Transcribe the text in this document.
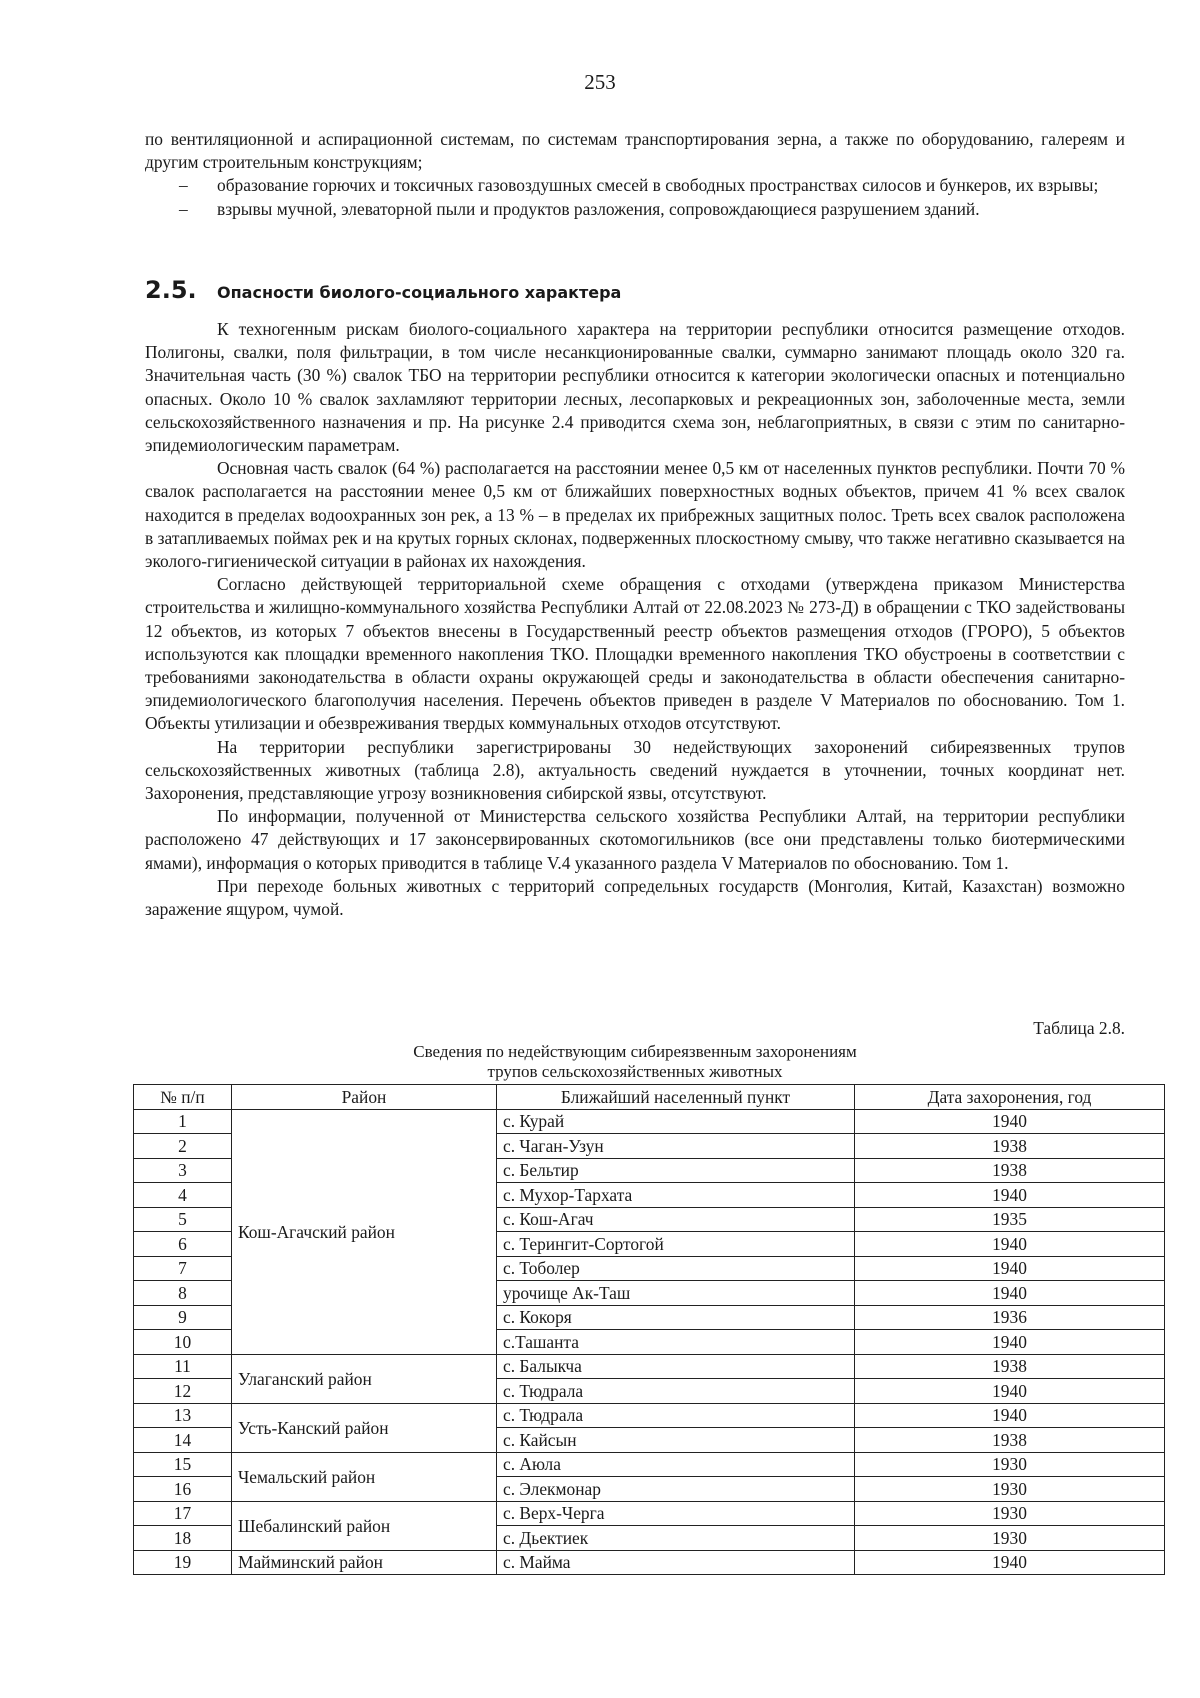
253

по вентиляционной и аспирационной системам, по системам транспортирования зерна, а также по оборудованию, галереям и другим строительным конструкциям;

– образование горючих и токсичных газовоздушных смесей в свободных пространствах силосов и бункеров, их взрывы;

– взрывы мучной, элеваторной пыли и продуктов разложения, сопровождающиеся разрушением зданий.

2.5. Опасности биолого-социального характера

К техногенным рискам биолого-социального характера на территории республики относится размещение отходов. Полигоны, свалки, поля фильтрации, в том числе несанкционированные свалки, суммарно занимают площадь около 320 га. Значительная часть (30 %) свалок ТБО на территории республики относится к категории экологически опасных и потенциально опасных. Около 10 % свалок захламляют территории лесных, лесопарковых и рекреационных зон, заболоченные места, земли сельскохозяйственного назначения и пр. На рисунке 2.4 приводится схема зон, неблагоприятных, в связи с этим по санитарно-эпидемиологическим параметрам.

Основная часть свалок (64 %) располагается на расстоянии менее 0,5 км от населенных пунктов республики. Почти 70 % свалок располагается на расстоянии менее 0,5 км от ближайших поверхностных водных объектов, причем 41 % всех свалок находится в пределах водоохранных зон рек, а 13 % – в пределах их прибрежных защитных полос. Треть всех свалок расположена в затапливаемых поймах рек и на крутых горных склонах, подверженных плоскостному смыву, что также негативно сказывается на эколого-гигиенической ситуации в районах их нахождения.

Согласно действующей территориальной схеме обращения с отходами (утверждена приказом Министерства строительства и жилищно-коммунального хозяйства Республики Алтай от 22.08.2023 № 273-Д) в обращении с ТКО задействованы 12 объектов, из которых 7 объектов внесены в Государственный реестр объектов размещения отходов (ГРОРО), 5 объектов используются как площадки временного накопления ТКО. Площадки временного накопления ТКО обустроены в соответствии с требованиями законодательства в области охраны окружающей среды и законодательства в области обеспечения санитарно-эпидемиологического благополучия населения. Перечень объектов приведен в разделе V Материалов по обоснованию. Том 1. Объекты утилизации и обезвреживания твердых коммунальных отходов отсутствуют.

На территории республики зарегистрированы 30 недействующих захоронений сибиреязвенных трупов сельскохозяйственных животных (таблица 2.8), актуальность сведений нуждается в уточнении, точных координат нет. Захоронения, представляющие угрозу возникновения сибирской язвы, отсутствуют.

По информации, полученной от Министерства сельского хозяйства Республики Алтай, на территории республики расположено 47 действующих и 17 законсервированных скотомогильников (все они представлены только биотермическими ямами), информация о которых приводится в таблице V.4 указанного раздела V Материалов по обоснованию. Том 1.

При переходе больных животных с территорий сопредельных государств (Монголия, Китай, Казахстан) возможно заражение ящуром, чумой.

Таблица 2.8.
Сведения по недействующим сибиреязвенным захоронениям
трупов сельскохозяйственных животных
№ п/п	Район	Ближайший населенный пункт	Дата захоронения, год
1	Кош-Агачский район	с. Курай	1940
2		с. Чаган-Узун	1938
3		с. Бельтир	1938
4		с. Мухор-Тархата	1940
5		с. Кош-Агач	1935
6		с. Терингит-Сортогой	1940
7		с. Тоболер	1940
8		урочище Ак-Таш	1940
9		с. Кокоря	1936
10		с.Ташанта	1940
11	Улаганский район	с. Балыкча	1938
12		с. Тюдрала	1940
13	Усть-Канский район	с. Тюдрала	1940
14		с. Кайсын	1938
15	Чемальский район	с. Аюла	1930
16		с. Элекмонар	1930
17	Шебалинский район	с. Верх-Черга	1930
18		с. Дьектиек	1930
19	Майминский район	с. Майма	1940
